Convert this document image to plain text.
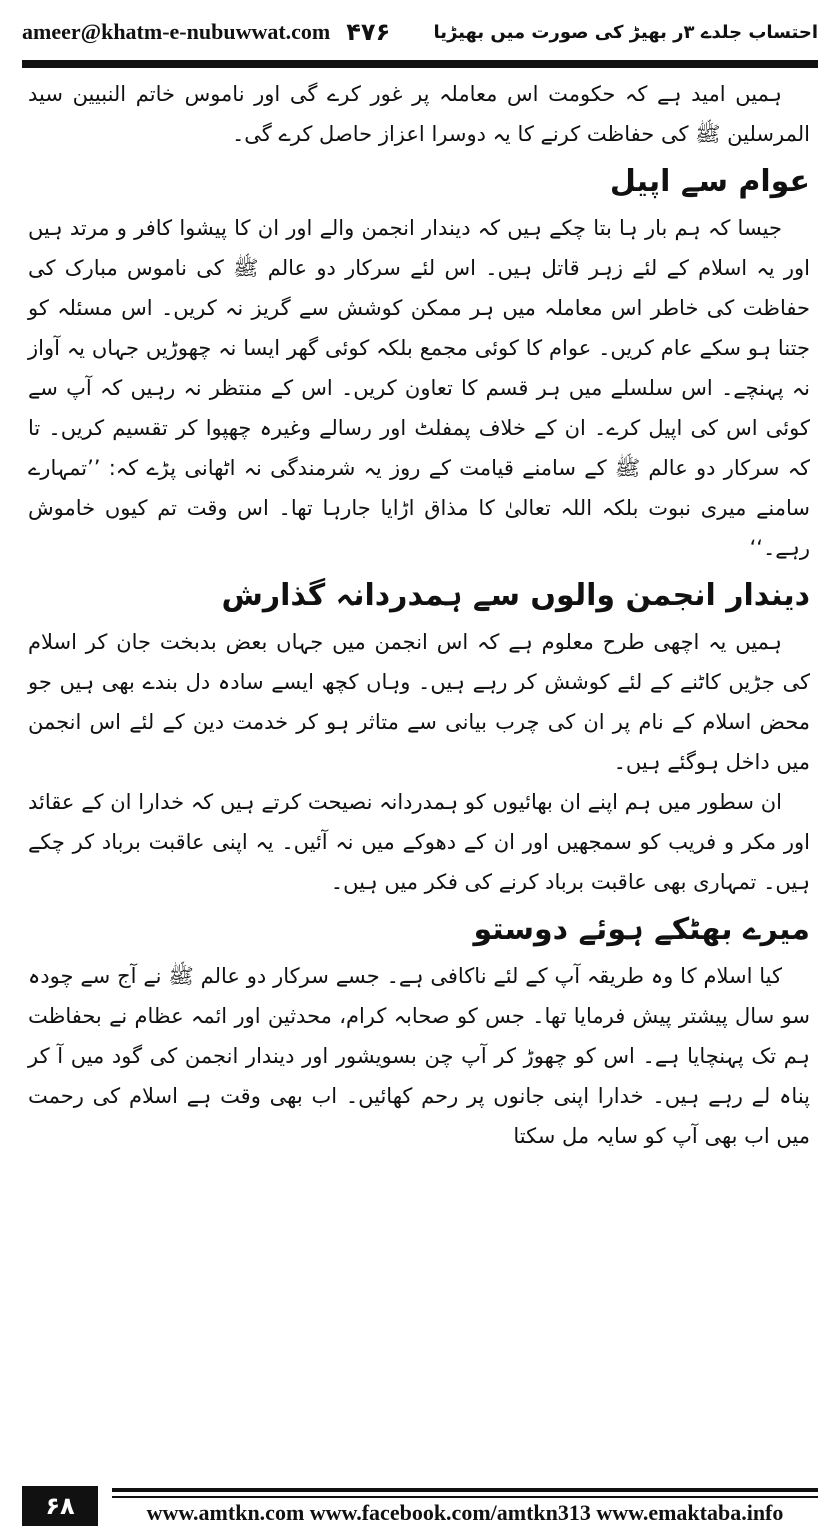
ameer@khatm-e-nubuwwat.com ۴۷۶ احتساب جلدے ۳ر بھیڑ کی صورت میں بھیڑیا

ہمیں امید ہے کہ حکومت اس معاملہ پر غور کرے گی اور ناموس خاتم النبیین سید المرسلین ﷺ کی حفاظت کرنے کا یہ دوسرا اعزاز حاصل کرے گی۔

عوام سے اپیل

جیسا کہ ہم بار ہا بتا چکے ہیں کہ دیندار انجمن والے اور ان کا پیشوا کافر و مرتد ہیں اور یہ اسلام کے لئے زہر قاتل ہیں۔ اس لئے سرکار دو عالم ﷺ کی ناموس مبارک کی حفاظت کی خاطر اس معاملہ میں ہر ممکن کوشش سے گریز نہ کریں۔ اس مسئلہ کو جتنا ہو سکے عام کریں۔ عوام کا کوئی مجمع بلکہ کوئی گھر ایسا نہ چھوڑیں جہاں یہ آواز نہ پہنچے۔ اس سلسلے میں ہر قسم کا تعاون کریں۔ اس کے منتظر نہ رہیں کہ آپ سے کوئی اس کی اپیل کرے۔ ان کے خلاف پمفلٹ اور رسالے وغیرہ چھپوا کر تقسیم کریں۔ تا کہ سرکار دو عالم ﷺ کے سامنے قیامت کے روز یہ شرمندگی نہ اٹھانی پڑے کہ: ’’تمہارے سامنے میری نبوت بلکہ اللہ تعالیٰ کا مذاق اڑایا جارہا تھا۔ اس وقت تم کیوں خاموش رہے۔‘‘

دیندار انجمن والوں سے ہمدردانہ گذارش

ہمیں یہ اچھی طرح معلوم ہے کہ اس انجمن میں جہاں بعض بدبخت جان کر اسلام کی جڑیں کاٹنے کے لئے کوشش کر رہے ہیں۔ وہاں کچھ ایسے سادہ دل بندے بھی ہیں جو محض اسلام کے نام پر ان کی چرب بیانی سے متاثر ہو کر خدمت دین کے لئے اس انجمن میں داخل ہوگئے ہیں۔

ان سطور میں ہم اپنے ان بھائیوں کو ہمدردانہ نصیحت کرتے ہیں کہ خدارا ان کے عقائد اور مکر و فریب کو سمجھیں اور ان کے دھوکے میں نہ آئیں۔ یہ اپنی عاقبت برباد کر چکے ہیں۔ تمہاری بھی عاقبت برباد کرنے کی فکر میں ہیں۔

میرے بھٹکے ہوئے دوستو

کیا اسلام کا وہ طریقہ آپ کے لئے ناکافی ہے۔ جسے سرکار دو عالم ﷺ نے آج سے چودہ سو سال پیشتر پیش فرمایا تھا۔ جس کو صحابہ کرام، محدثین اور ائمہ عظام نے بحفاظت ہم تک پہنچایا ہے۔ اس کو چھوڑ کر آپ چن بسویشور اور دیندار انجمن کی گود میں آ کر پناہ لے رہے ہیں۔ خدارا اپنی جانوں پر رحم کھائیں۔ اب بھی وقت ہے اسلام کی رحمت میں اب بھی آپ کو سایہ مل سکتا

۶۸	www.amtkn.com www.facebook.com/amtkn313 www.emaktaba.info
